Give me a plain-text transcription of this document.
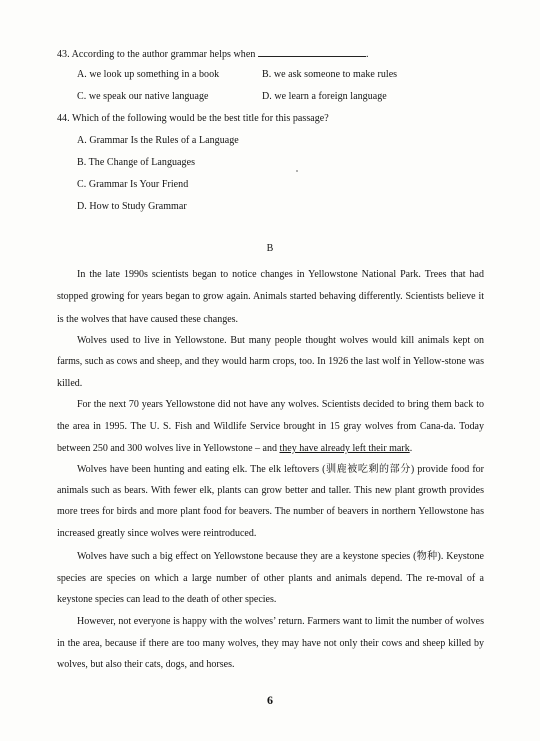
43. According to the author grammar helps when	.
A. we look up something in a book	B. we ask someone to make rules
C. we speak our native language	D. we learn a foreign language
44. Which of the following would be the best title for this passage?
A. Grammar Is the Rules of a Language
B. The Change of Languages
C. Grammar Is Your Friend
D. How to Study Grammar
B
In the late 1990s scientists began to notice changes in Yellowstone National Park. Trees that had stopped growing for years began to grow again. Animals started behaving differently. Scientists believe it is the wolves that have caused these changes.
Wolves used to live in Yellowstone. But many people thought wolves would kill animals kept on farms, such as cows and sheep, and they would harm crops, too. In 1926 the last wolf in Yellow-stone was killed.
For the next 70 years Yellowstone did not have any wolves. Scientists decided to bring them back to the area in 1995. The U. S. Fish and Wildlife Service brought in 15 gray wolves from Cana-da. Today between 250 and 300 wolves live in Yellowstone – and they have already left their mark.
Wolves have been hunting and eating elk. The elk leftovers (驯鹿被吃剩的部分) provide food for animals such as bears. With fewer elk, plants can grow better and taller. This new plant growth provides more trees for birds and more plant food for beavers. The number of beavers in northern Yellowstone has increased greatly since wolves were reintroduced.
Wolves have such a big effect on Yellowstone because they are a keystone species (物种). Keystone species are species on which a large number of other plants and animals depend. The re-moval of a keystone species can lead to the death of other species.
However, not everyone is happy with the wolves’ return. Farmers want to limit the number of wolves in the area, because if there are too many wolves, they may have not only their cows and sheep killed by wolves, but also their cats, dogs, and horses.
6
